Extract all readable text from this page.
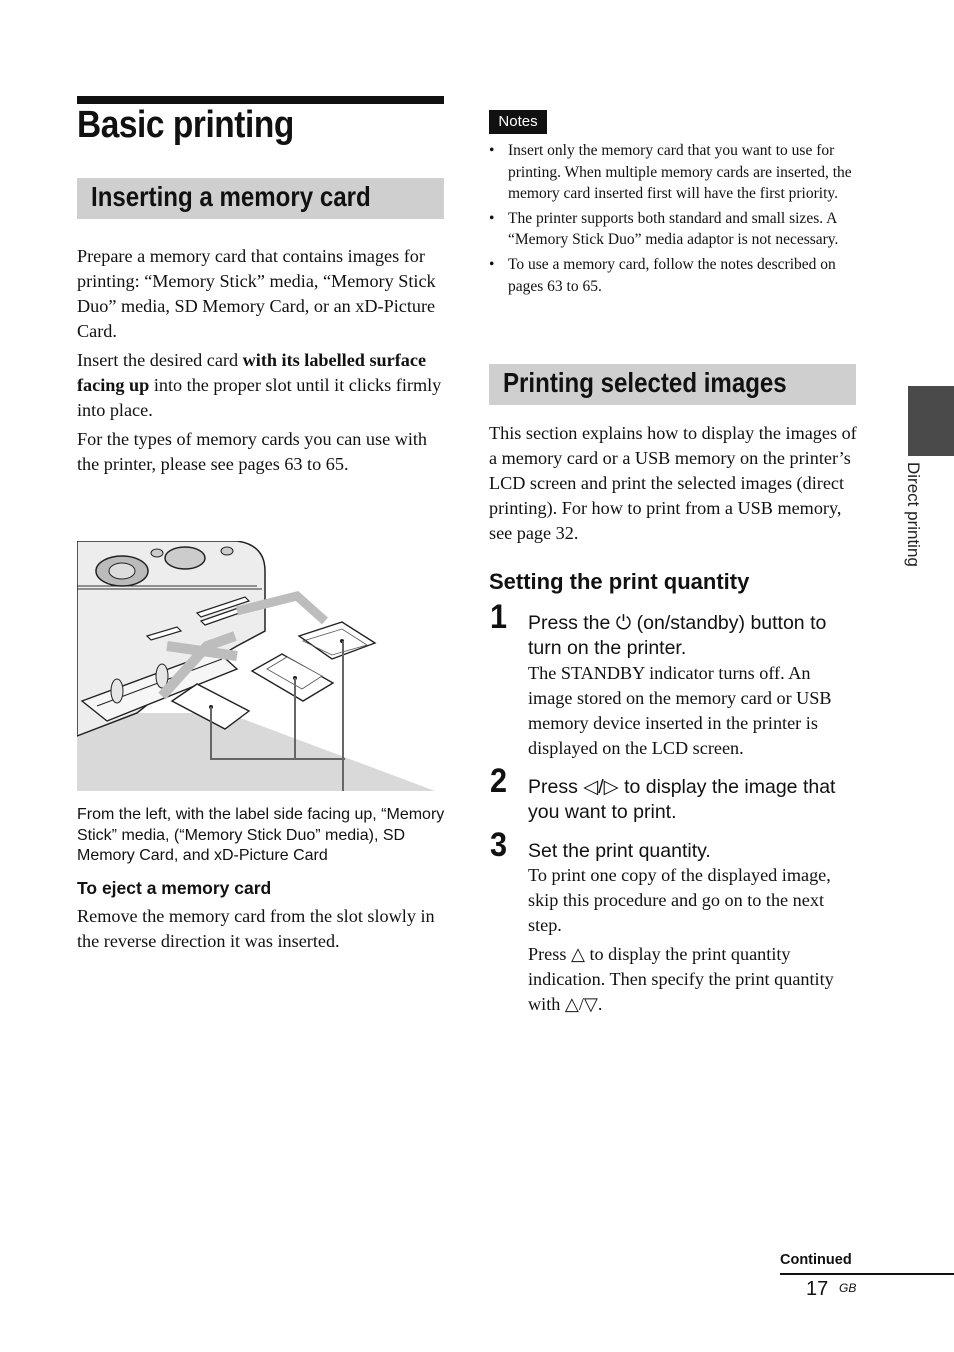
Basic printing
Inserting a memory card

Prepare a memory card that contains images for printing: “Memory Stick” media, “Memory Stick Duo” media, SD Memory Card, or an xD-Picture Card.

Insert the desired card with its labelled surface facing up into the proper slot until it clicks firmly into place.

For the types of memory cards you can use with the printer, please see pages 63 to 65.

From the left, with the label side facing up, “Memory Stick” media, (“Memory Stick Duo” media), SD Memory Card, and xD-Picture Card
To eject a memory card
Remove the memory card from the slot slowly in the reverse direction it was inserted.
Notes
• Insert only the memory card that you want to use for printing. When multiple memory cards are inserted, the memory card inserted first will have the first priority.
• The printer supports both standard and small sizes. A “Memory Stick Duo” media adaptor is not necessary.
• To use a memory card, follow the notes described on pages 63 to 65.
Printing selected images
This section explains how to display the images of a memory card or a USB memory on the printer’s LCD screen and print the selected images (direct printing). For how to print from a USB memory, see page 32.
Setting the print quantity
1 Press the ⏻ (on/standby) button to turn on the printer.
The STANDBY indicator turns off. An image stored on the memory card or USB memory device inserted in the printer is displayed on the LCD screen.
2 Press ◁/▷ to display the image that you want to print.
3 Set the print quantity.
To print one copy of the displayed image, skip this procedure and go on to the next step.
Press △ to display the print quantity indication. Then specify the print quantity with △/▽.
Direct printing
Continued
17 GB
